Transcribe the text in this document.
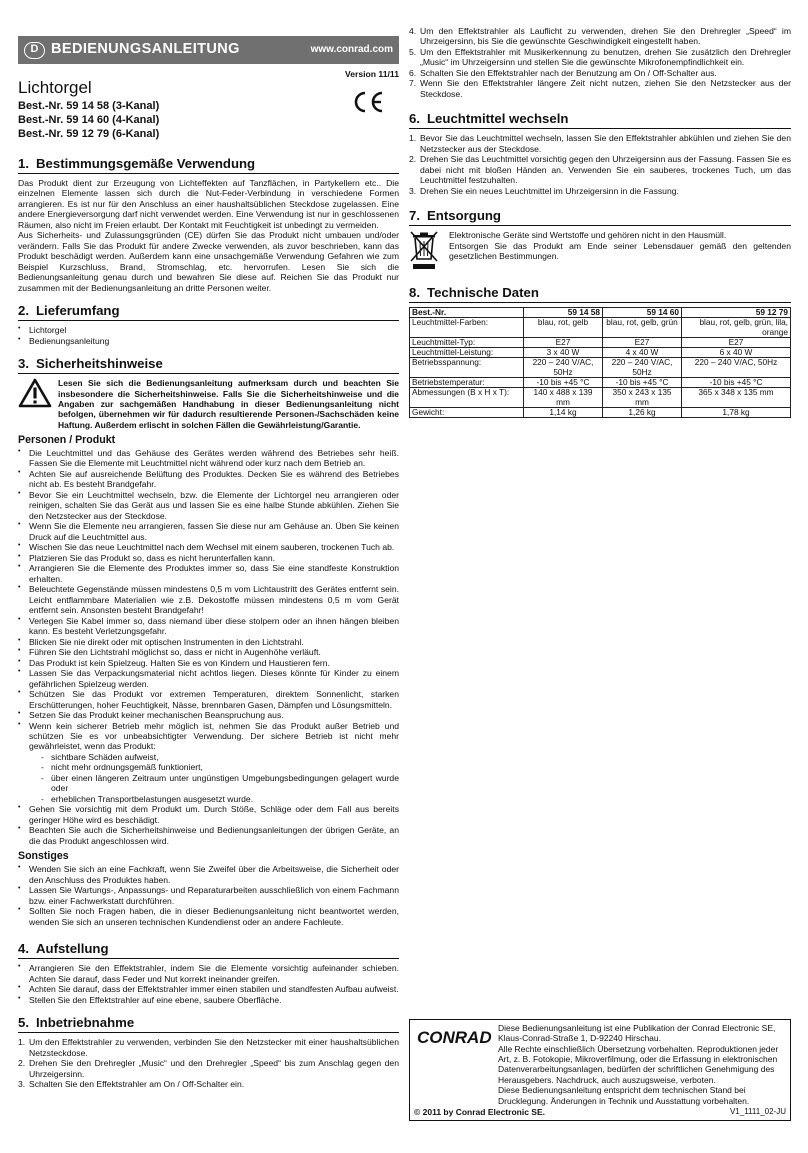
D BEDIENUNGSANLEITUNG	www.conrad.com
Version 11/11
Lichtorgel
Best.-Nr. 59 14 58 (3-Kanal)
Best.-Nr. 59 14 60 (4-Kanal)
Best.-Nr. 59 12 79 (6-Kanal)
1. Bestimmungsgemäße Verwendung

Das Produkt dient zur Erzeugung von Lichteffekten auf Tanzflächen, in Partykellern etc.. Die einzelnen Elemente lassen sich durch die Nut-Feder-Verbindung in verschiedene Formen arrangieren. Es ist nur für den Anschluss an einer haushaltsüblichen Steckdose zugelassen. Eine andere Energieversorgung darf nicht verwendet werden. Eine Verwendung ist nur in geschlossenen Räumen, also nicht im Freien erlaubt. Der Kontakt mit Feuchtigkeit ist unbedingt zu vermeiden.

Aus Sicherheits- und Zulassungsgründen (CE) dürfen Sie das Produkt nicht umbauen und/oder verändern. Falls Sie das Produkt für andere Zwecke verwenden, als zuvor beschrieben, kann das Produkt beschädigt werden. Außerdem kann eine unsachgemäße Verwendung Gefahren wie zum Beispiel Kurzschluss, Brand, Stromschlag, etc. hervorrufen. Lesen Sie sich die Bedienungsanleitung genau durch und bewahren Sie diese auf. Reichen Sie das Produkt nur zusammen mit der Bedienungsanleitung an dritte Personen weiter.

2. Lieferumfang
• Lichtorgel
• Bedienungsanleitung
3. Sicherheitshinweise
Lesen Sie sich die Bedienungsanleitung aufmerksam durch und beachten Sie insbesondere die Sicherheitshinweise. Falls Sie die Sicherheitshinweise und die Angaben zur sachgemäßen Handhabung in dieser Bedienungsanleitung nicht befolgen, übernehmen wir für dadurch resultierende Personen-/Sachschäden keine Haftung. Außerdem erlischt in solchen Fällen die Gewährleistung/Garantie.
Personen / Produkt
• Die Leuchtmittel und das Gehäuse des Gerätes werden während des Betriebes sehr heiß. Fassen Sie die Elemente mit Leuchtmittel nicht während oder kurz nach dem Betrieb an.
• Achten Sie auf ausreichende Belüftung des Produktes. Decken Sie es während des Betriebes nicht ab. Es besteht Brandgefahr.
• Bevor Sie ein Leuchtmittel wechseln, bzw. die Elemente der Lichtorgel neu arrangieren oder reinigen, schalten Sie das Gerät aus und lassen Sie es eine halbe Stunde abkühlen. Ziehen Sie den Netzstecker aus der Steckdose.
• Wenn Sie die Elemente neu arrangieren, fassen Sie diese nur am Gehäuse an. Üben Sie keinen Druck auf die Leuchtmittel aus.
• Wischen Sie das neue Leuchtmittel nach dem Wechsel mit einem sauberen, trockenen Tuch ab.
• Platzieren Sie das Produkt so, dass es nicht herunterfallen kann.
• Arrangieren Sie die Elemente des Produktes immer so, dass Sie eine standfeste Konstruktion erhalten.
• Beleuchtete Gegenstände müssen mindestens 0,5 m vom Lichtaustritt des Gerätes entfernt sein. Leicht entflammbare Materialien wie z.B. Dekostoffe müssen mindestens 0,5 m vom Gerät entfernt sein. Ansonsten besteht Brandgefahr!
• Verlegen Sie Kabel immer so, dass niemand über diese stolpern oder an ihnen hängen bleiben kann. Es besteht Verletzungsgefahr.
• Blicken Sie nie direkt oder mit optischen Instrumenten in den Lichtstrahl.
• Führen Sie den Lichtstrahl möglichst so, dass er nicht in Augenhöhe verläuft.
• Das Produkt ist kein Spielzeug. Halten Sie es von Kindern und Haustieren fern.
• Lassen Sie das Verpackungsmaterial nicht achtlos liegen. Dieses könnte für Kinder zu einem gefährlichen Spielzeug werden.
• Schützen Sie das Produkt vor extremen Temperaturen, direktem Sonnenlicht, starken Erschütterungen, hoher Feuchtigkeit, Nässe, brennbaren Gasen, Dämpfen und Lösungsmitteln.
• Setzen Sie das Produkt keiner mechanischen Beanspruchung aus.
• Wenn kein sicherer Betrieb mehr möglich ist, nehmen Sie das Produkt außer Betrieb und schützen Sie es vor unbeabsichtigter Verwendung. Der sichere Betrieb ist nicht mehr gewährleistet, wenn das Produkt:
- sichtbare Schäden aufweist,
- nicht mehr ordnungsgemäß funktioniert,
- über einen längeren Zeitraum unter ungünstigen Umgebungsbedingungen gelagert wurde oder
- erheblichen Transportbelastungen ausgesetzt wurde.
• Gehen Sie vorsichtig mit dem Produkt um. Durch Stöße, Schläge oder dem Fall aus bereits geringer Höhe wird es beschädigt.
• Beachten Sie auch die Sicherheitshinweise und Bedienungsanleitungen der übrigen Geräte, an die das Produkt angeschlossen wird.
Sonstiges
• Wenden Sie sich an eine Fachkraft, wenn Sie Zweifel über die Arbeitsweise, die Sicherheit oder den Anschluss des Produktes haben.
• Lassen Sie Wartungs-, Anpassungs- und Reparaturarbeiten ausschließlich von einem Fachmann bzw. einer Fachwerkstatt durchführen.
• Sollten Sie noch Fragen haben, die in dieser Bedienungsanleitung nicht beantwortet werden, wenden Sie sich an unseren technischen Kundendienst oder an andere Fachleute.
4. Aufstellung
• Arrangieren Sie den Effektstrahler, indem Sie die Elemente vorsichtig aufeinander schieben. Achten Sie darauf, dass Feder und Nut korrekt ineinander greifen.
• Achten Sie darauf, dass der Effektstrahler immer einen stabilen und standfesten Aufbau aufweist.
• Stellen Sie den Effektstrahler auf eine ebene, saubere Oberfläche.
5. Inbetriebnahme
1. Um den Effektstrahler zu verwenden, verbinden Sie den Netzstecker mit einer haushaltsüblichen Netzsteckdose.
2. Drehen Sie den Drehregler „Music“ und den Drehregler „Speed“ bis zum Anschlag gegen den Uhrzeigersinn.
3. Schalten Sie den Effektstrahler am On / Off-Schalter ein.
4. Um den Effektstrahler als Lauflicht zu verwenden, drehen Sie den Drehregler „Speed“ im Uhrzeigersinn, bis Sie die gewünschte Geschwindigkeit eingestellt haben.
5. Um den Effektstrahler mit Musikerkennung zu benutzen, drehen Sie zusätzlich den Drehregler „Music“ im Uhrzeigersinn und stellen Sie die gewünschte Mikrofonempfindlichkeit ein.
6. Schalten Sie den Effektstrahler nach der Benutzung am On / Off-Schalter aus.
7. Wenn Sie den Effektstrahler längere Zeit nicht nutzen, ziehen Sie den Netzstecker aus der Steckdose.
6. Leuchtmittel wechseln
1. Bevor Sie das Leuchtmittel wechseln, lassen Sie den Effektstrahler abkühlen und ziehen Sie den Netzstecker aus der Steckdose.
2. Drehen Sie das Leuchtmittel vorsichtig gegen den Uhrzeigersinn aus der Fassung. Fassen Sie es dabei nicht mit bloßen Händen an. Verwenden Sie ein sauberes, trockenes Tuch, um das Leuchtmittel festzuhalten.
3. Drehen Sie ein neues Leuchtmittel im Uhrzeigersinn in die Fassung.
7. Entsorgung

Elektronische Geräte sind Wertstoffe und gehören nicht in den Hausmüll.

Entsorgen Sie das Produkt am Ende seiner Lebensdauer gemäß den geltenden gesetzlichen Bestimmungen.

8. Technische Daten
Best.-Nr.	59 14 58	59 14 60	59 12 79
Leuchtmittel-Farben:	blau, rot, gelb	blau, rot, gelb, grün	blau, rot, gelb, grün, lila, orange
Leuchtmittel-Typ:	E27	E27	E27
Leuchtmittel-Leistung:	3 x 40 W	4 x 40 W	6 x 40 W
Betriebsspannung:	220 – 240 V/AC, 50Hz	220 – 240 V/AC, 50Hz	220 – 240 V/AC, 50Hz
Betriebstemperatur:	-10 bis +45 °C	-10 bis +45 °C	-10 bis +45 °C
Abmessungen (B x H x T):	140 x 488 x 139 mm	350 x 243 x 135 mm	365 x 348 x 135 mm
Gewicht:	1,14 kg	1,26 kg	1,78 kg
CONRAD Diese Bedienungsanleitung ist eine Publikation der Conrad Electronic SE, Klaus-Conrad-Straße 1, D-92240 Hirschau.
Alle Rechte einschließlich Übersetzung vorbehalten. Reproduktionen jeder Art, z. B. Fotokopie, Mikroverfilmung, oder die Erfassung in elektronischen Datenverarbeitungsanlagen, bedürfen der schriftlichen Genehmigung des Herausgebers. Nachdruck, auch auszugsweise, verboten.
Diese Bedienungsanleitung entspricht dem technischen Stand bei Drucklegung. Änderungen in Technik und Ausstattung vorbehalten.
© 2011 by Conrad Electronic SE.	V1_1111_02-JU
